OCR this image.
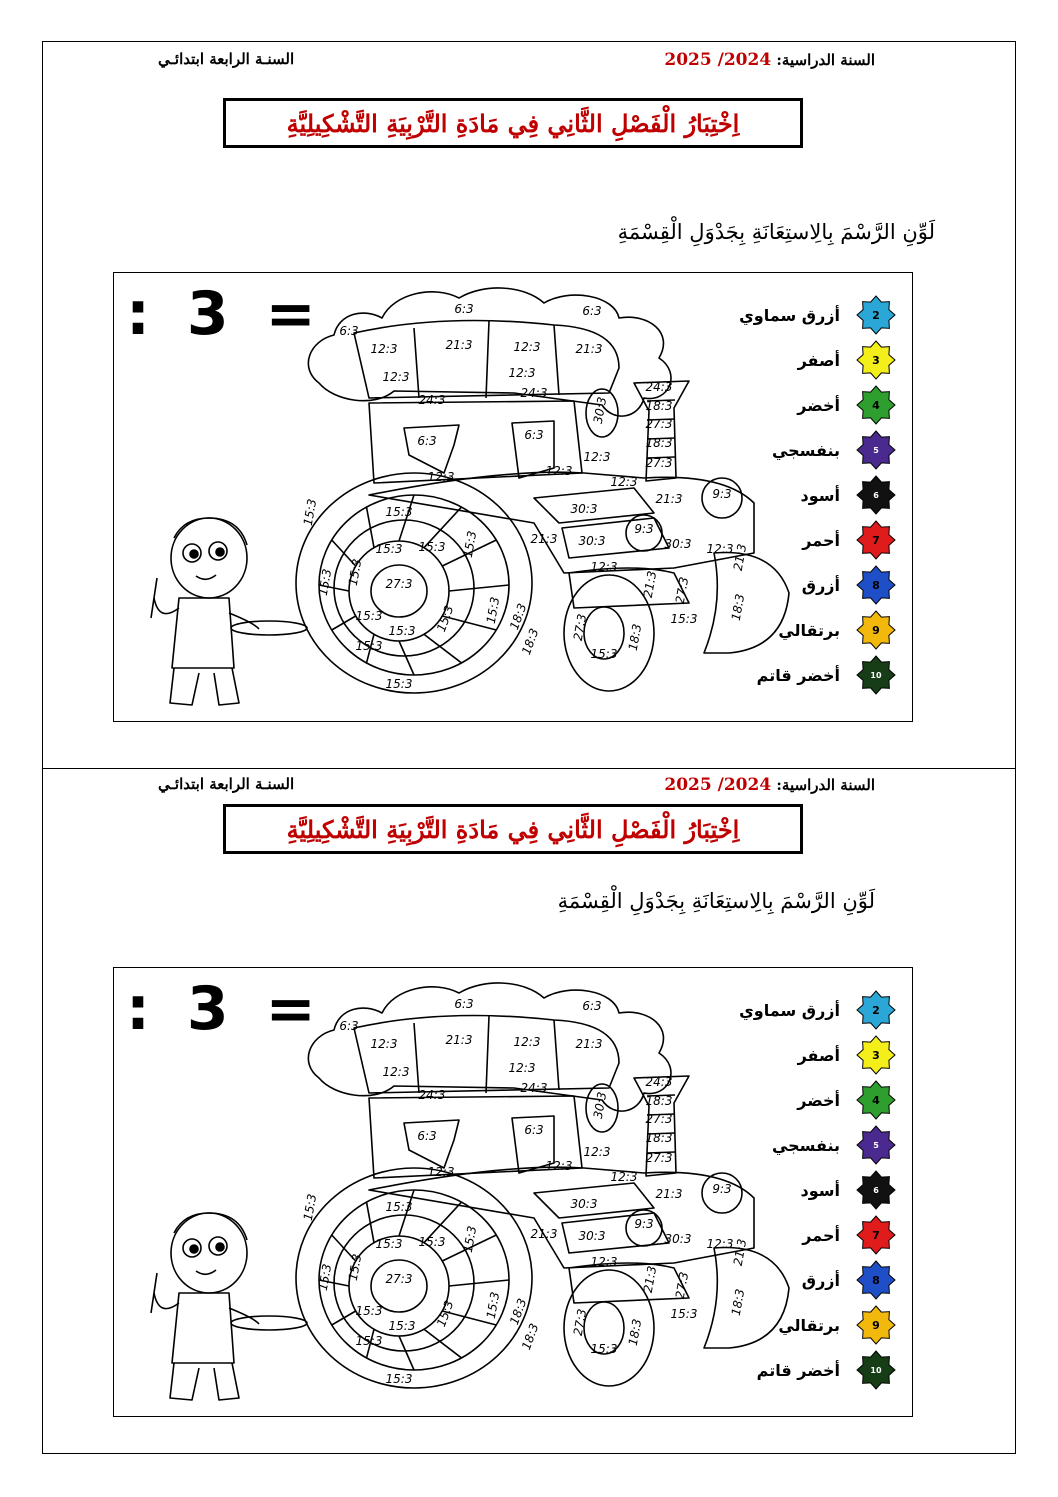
السنة الدراسية: 2024/ 2025
السنـة الرابعة ابتدائـي
اِخْتِبَارُ الْفَصْلِ الثَّانِي فِي مَادَةِ التَّرْبِيَةِ التَّشْكِيلِيَّةِ
لَوِّنِ الرَّسْمَ بِالِاستِعَانَةِ بِجَدْوَلِ الْقِسْمَةِ
: 3 =	6:3	6:3
6:3
12:3	21:3	12:3	21:3
12:3	12:3
24:3	24:3
6:3	6:3
30:3
24:3
18:3
27:3
18:3
27:3
12:3
12:3
12:3
12:3
21:3 9:3
30:3
30:3
21:3
9:3
15:3	15:3
15:3 15:3 15:3
27:3
15:3
15:3
15:3
15:3 15:3 15:3
15:3
15:3
18:3
18:3
12:3
30:3 12:3
21:3 27:3
21:3
18:3
15:3
18:3
27:3
15:3
أزرق سماوي	2
أصفر	3
أخضر	4
بنفسجي	5
أسود	6
أحمر	7
أزرق	8
برتقالي	9
أخضر قاتم	10
السنة الدراسية: 2024/ 2025
السنـة الرابعة ابتدائـي
اِخْتِبَارُ الْفَصْلِ الثَّانِي فِي مَادَةِ التَّرْبِيَةِ التَّشْكِيلِيَّةِ
لَوِّنِ الرَّسْمَ بِالِاستِعَانَةِ بِجَدْوَلِ الْقِسْمَةِ
: 3 =	6:3	6:3
6:3
12:3	21:3	12:3	21:3
12:3	12:3
24:3	24:3
6:3	6:3
30:3
24:3
18:3
27:3
18:3
27:3
12:3
12:3
12:3
12:3
21:3 9:3
30:3
30:3
21:3
9:3
15:3	15:3
15:3 15:3 15:3
27:3
15:3
15:3
15:3
15:3 15:3 15:3
15:3
15:3
18:3
18:3
12:3
30:3 12:3
21:3 27:3
21:3
18:3
15:3
18:3
27:3
15:3
أزرق سماوي	2
أصفر	3
أخضر	4
بنفسجي	5
أسود	6
أحمر	7
أزرق	8
برتقالي	9
أخضر قاتم	10
